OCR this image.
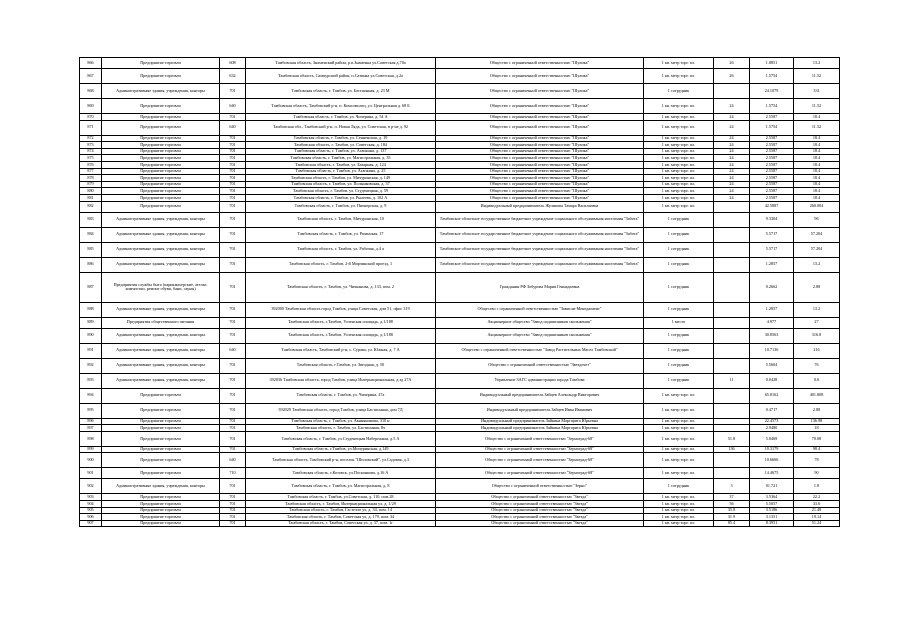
866	Предприятие торговли	608	Тамбовская область, Знаменский район, р.п.Знаменка ул.Советская д.70а	Общество с ограниченной ответственностью "Шулика"	1 кв. метр торг. пл.	26	1.8851	13.2
867	Предприятие торговли	632	Тамбовская область, Сампурский район, п.Сатинка ул.Советская, д.2а	Общество с ограниченной ответственностью "Шулика"	1 кв. метр торг. пл.	26	1.5754	11.52
868	Административные здания, учреждения, конторы	701	Тамбовская область, г. Тамбов, ул. Бастионная, д. 23 М	Общество с ограниченной ответственностью "Шулика"	1 сотрудник		24.1079	331
869	Предприятие торговли	640	Тамбовская область, Тамбовский р-н, п. Комсомолец, ул. Центральная д. 68 Б	Общество с ограниченной ответственностью "Шулика"	1 кв. метр торг. пл.	24	1.5754	11.52
870	Предприятие торговли	701	Тамбовская область, г. Тамбов, ул. Чичерина, д. 54 А	Общество с ограниченной ответственностью "Шулика"	1 кв. метр торг. пл.	24	2.5587	18.4
871	Предприятие торговли	640	Тамбовская обл., Тамбовский р-н, п. Новая Ляда, ул. Советская, в р-не д. 92	Общество с ограниченной ответственностью "Шулика"	1 кв. метр торг. пл.	24	1.5754	11.52
872	Предприятие торговли	701	Тамбовская область, г. Тамбов, ул. Сенненская, д. 19	Общество с ограниченной ответственностью "Шулика"	1 кв. метр торг. пл.	24	2.5587	18.4
873	Предприятие торговли	701	Тамбовская область, г. Тамбов, ул. Советская, д. 184	Общество с ограниченной ответственностью "Шулика"	1 кв. метр торг. пл.	24	2.5587	18.4
874	Предприятие торговли	701	Тамбовская область, г. Тамбов, ул. Агапкина, д. 137	Общество с ограниченной ответственностью "Шулика"	1 кв. метр торг. пл.	24	2.5587	18.4
875	Предприятие торговли	701	Тамбовская область, г. Тамбов, ул. Магистральная, д. 35	Общество с ограниченной ответственностью "Шулика"	1 кв. метр торг. пл.	24	2.5587	18.4
876	Предприятие торговли	701	Тамбовская область, г. Тамбов, ул. Базарная, д. 124	Общество с ограниченной ответственностью "Шулика"	1 кв. метр торг. пл.	24	2.5587	18.4
877	Предприятие торговли	701	Тамбовская область, г. Тамбов, ул. Агапкина, д. 25	Общество с ограниченной ответственностью "Шулика"	1 кв. метр торг. пл.	24	2.5587	18.4
878	Предприятие торговли	701	Тамбовская область, г. Тамбов, ул. Мичуринская, д. 149	Общество с ограниченной ответственностью "Шулика"	1 кв. метр торг. пл.	24	2.5587	18.4
879	Предприятие торговли	701	Тамбовская область, г. Тамбов, ул. Полынковская, д. 37	Общество с ограниченной ответственностью "Шулика"	1 кв. метр торг. пл.	24	2.5587	18.4
880	Предприятие торговли	701	Тамбовская область, г. Тамбов, ул. Студенецкая, д. 59	Общество с ограниченной ответственностью "Шулика"	1 кв. метр торг. пл.	24	2.5587	18.4
881	Предприятие торговли	701	Тамбовская область, г. Тамбов, ул. Рылеева, д. 102 А	Общество с ограниченной ответственностью "Шулика"	1 кв. метр торг. пл.	24	2.5587	18.4
882	Предприятие торговли	701	Тамбовская область, г. Тамбов, ул. Пионерская, д. 9	Индивидуальный предприниматель Жуликова Тамара Васильевна	1 кв. метр торг. пл.		42.5887	260.004
883	Административные здания, учреждения, конторы	701	Тамбовская область, г. Тамбов, Мичуринская, 10	Тамбовское областное государственное бюджетное учреждение социального обслуживания населения "Забота"	1 сотрудник		9.3304	96
884	Административные здания, учреждения, конторы	701	Тамбовская область, г. Тамбов, ул. Рязанская, 17	Тамбовское областное государственное бюджетное учреждение социального обслуживания населения "Забота"	1 сотрудник		5.5717	57.204
885	Административные здания, учреждения, конторы	701	Тамбовская область, г. Тамбов, ул. Рабочая, д.4 а	Тамбовское областное государственное бюджетное учреждение социального обслуживания населения "Забота"	1 сотрудник		5.5717	57.204
886	Административные здания, учреждения, конторы	701	Тамбовская область, г. Тамбов, 2-й Мирчинский проезд, 1	Тамбовское областное государственное бюджетное учреждение социального обслуживания населения "Забота"	1 сотрудник		1.2857	13.2
887	Предприятия службы быта (парикмахерские, ателье, химчистки, ремонт обуви, бани, сауны)	701	Тамбовская область, г. Тамбов, ул. Чичканова, д. 133, пом. 2	Гражданин РФ Зобурова Мария Геннадьевна	1 сотрудник		0.2662	2.88
888	Административные здания, учреждения, конторы	701	392000 Тамбовская область город Тамбов, улица Советская, дом 51, офис 319	Общество с ограниченной ответственностью "Зависли-Менеджмент"	1 сотрудник		1.2857	13.2
889	Предприятия общественного питания	701	Тамбовская область, г.Тамбов, Успенская площадь, д.1/188	Акционерное общество "Завод подшипников скольжения"	1 место		4.977	27
890	Административные здания, учреждения, конторы	701	Тамбовская область, г.Тамбов, Успенская площадь, д.1/188	Акционерное общество "Завод подшипников скольжения"	1 сотрудник		30.8563	316.8
891	Административные здания, учреждения, конторы	640	Тамбовская область, Тамбовский р-н, с. Сурава, ул. Южная, д. 7 А	Общество с ограниченной ответственностью "Завод Растительных Масел Тамбовский"	1 сотрудник		10.7136	216
892	Административные здания, учреждения, конторы	701	Тамбовская область, г.Тамбов, ул. Звездная, д. 50	Общество с ограниченной ответственностью "Звездочет"	1 сотрудник		5.5604	76
893	Административные здания, учреждения, конторы	701	392036 Тамбовская область, город Тамбов, улица Интернациональная, д.зд 27А	Управление ЗАГС администрации города Тамбова	1 сотрудник	11	0.0428	0.6
894	Предприятие торговли	701	Тамбовская область, г. Тамбов, ул. Чичерина, 47а	Индивидуальный предприниматель Зайцев Александр Викторович	1 кв. метр торг. пл.		65.8162	401.808
895	Предприятие торговли	701	392029 Тамбовская область, город Тамбов, улица Бастионная, дом 7Д	Индивидуальный предприниматель Зайцев Иван Иванович	1 кв. метр торг. пл.		0.4717	2.88
896	Предприятие торговли	701	Тамбовская область, г. Тамбов, ул. Акинянинова, 310 н	Индивидуальный предприниматель Зайкина Маргарита Юрьевна	1 кв. метр торг. пл.		22.4573	136.98
897	Предприятие торговли	701	Тамбовская область, г. Тамбов, ул. Бастионная, 8ч	Индивидуальный предприниматель Зайкина Маргарита Юрьевна	1 кв. метр торг. пл.		2.9480	18
898	Предприятие торговли	701	Тамбовская область, г. Тамбов, ул.Студенецкая Набережная, д.5 А	Общество с ограниченной ответственностью "Зерноград-68"	1 кв. метр торг. пл.	51.8	5.0469	70.08
899	Предприятие торговли	701	Тамбовская область, г.Тамбов, ул.Мичуринская, д.149	Общество с ограниченной ответственностью "Зерноград-68"	1 кв. метр торг. пл.	136	10.3179	98.4
900	Предприятие торговли	640	Тамбовская область, Тамбовский р-н, поселок "Шиловский", ул.Садовая, д.3	Общество с ограниченной ответственностью "Зерноград-68"	1 кв. метр торг. пл.		10.6666	78
901	Предприятие торговли	710	Тамбовская область, г.Котовск, ул.Посконкова, д.16 А	Общество с ограниченной ответственностью "Зерноград-68"	1 кв. метр торг. пл.		14.4675	90
902	Административные здания, учреждения, конторы	701	Тамбовская область, г. Тамбов, ул. Магистральная, д. 8	Общество с ограниченной ответственностью "Зерно"	1 сотрудник	3	01.721	1.8
903	Предприятие торговли	701	Тамбовская область, г. Тамбов, ул.Советская, д. 110, пом.28	Общество с ограниченной ответственностью "Звезда"	1 кв. метр торг. пл.	37	3.5364	22.2
904	Предприятие торговли	701	Тамбовская область, г. Тамбов, Интернациональная ул, д. 1/29	Общество с ограниченной ответственностью "Звезда"	1 кв. метр торг. пл.	56	5.5057	33.6
905	Предприятие торговли	701	Тамбовская область, г. Тамбов, Гастелло ул, д. 34, пом. 14	Общество с ограниченной ответственностью "Звезда"	1 кв. метр торг. пл.	35.8	3.5186	21.48
906	Предприятие торговли	701	Тамбовская область, г. Тамбов, Советская ул, д. 179, пом. 34	Общество с ограниченной ответственностью "Звезда"	1 кв. метр торг. пл.	31.9	3.1351	19.14
907	Предприятие торговли	701	Тамбовская область, г. Тамбов, Советская ул, д. 37, пом. 1г	Общество с ограниченной ответственностью "Звезда"	1 кв. метр торг. пл.	85.4	8.3951	51.24
